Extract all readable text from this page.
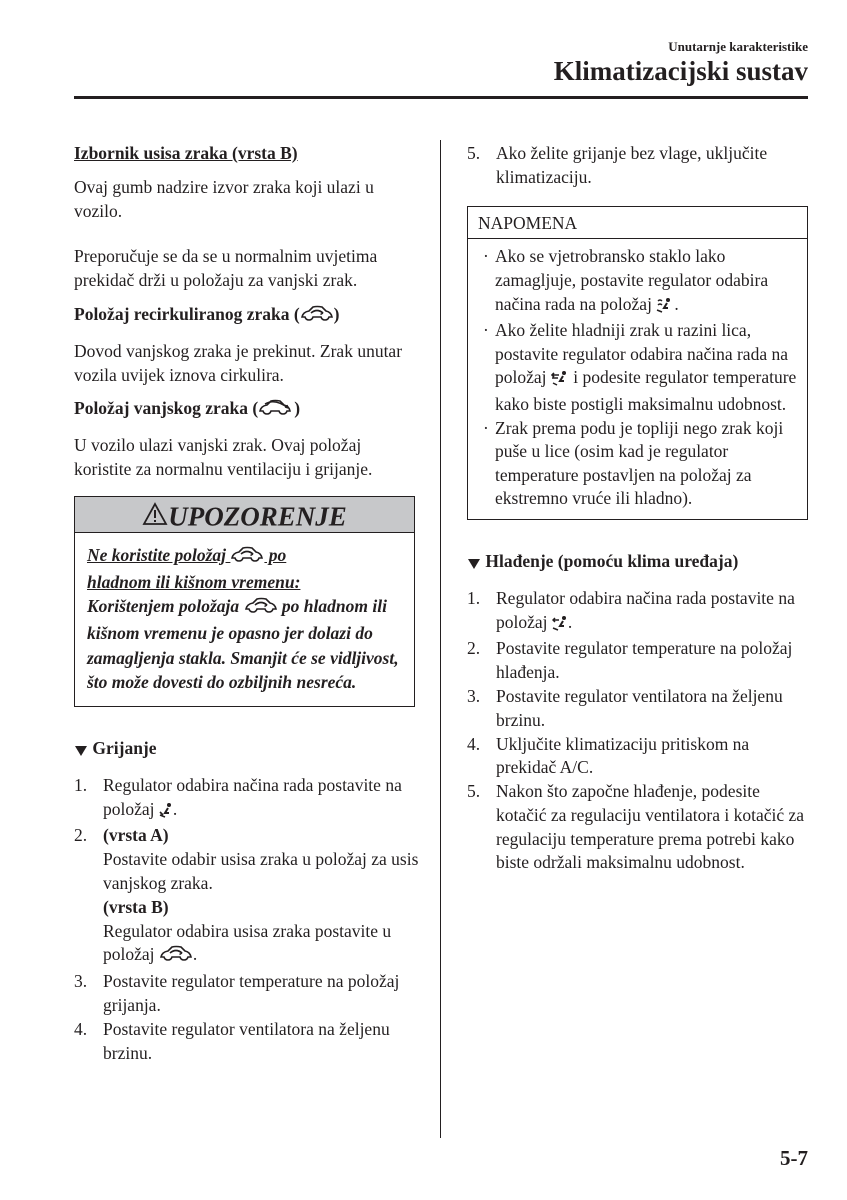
Unutarnje karakteristike
Klimatizacijski sustav

Izbornik usisa zraka (vrsta B)

Ovaj gumb nadzire izvor zraka koji ulazi u vozilo.

Preporučuje se da se u normalnim uvjetima prekidač drži u položaju za vanjski zrak.

Položaj recirkuliranog zraka ( )

Dovod vanjskog zraka je prekinut. Zrak unutar vozila uvijek iznova cirkulira.

Položaj vanjskog zraka ( )

U vozilo ulazi vanjski zrak. Ovaj položaj koristite za normalnu ventilaciju i grijanje.

UPOZORENJE
Ne koristite položaj  po
hladnom ili kišnom vremenu:
Korištenjem položaja  po hladnom ili kišnom vremenu je opasno jer dolazi do zamagljenja stakla. Smanjit će se vidljivost, što može dovesti do ozbiljnih nesreća.

Grijanje

1. Regulator odabira načina rada postavite na položaj .
2. (vrsta A)
Postavite odabir usisa zraka u položaj za usis vanjskog zraka.
(vrsta B)
Regulator odabira usisa zraka postavite u položaj .
3. Postavite regulator temperature na položaj grijanja.
4. Postavite regulator ventilatora na željenu brzinu.
5. Ako želite grijanje bez vlage, uključite klimatizaciju.
NAPOMENA
· Ako se vjetrobransko staklo lako zamagljuje, postavite regulator odabira načina rada na položaj .
· Ako želite hladniji zrak u razini lica, postavite regulator odabira načina rada na položaj  i podesite regulator temperature kako biste postigli maksimalnu udobnost.
· Zrak prema podu je topliji nego zrak koji puše u lice (osim kad je regulator temperature postavljen na položaj za ekstremno vruće ili hladno).

Hlađenje (pomoću klima uređaja)

1. Regulator odabira načina rada postavite na položaj .
2. Postavite regulator temperature na položaj hlađenja.
3. Postavite regulator ventilatora na željenu brzinu.
4. Uključite klimatizaciju pritiskom na prekidač A/C.
5. Nakon što započne hlađenje, podesite kotačić za regulaciju ventilatora i kotačić za regulaciju temperature prema potrebi kako biste održali maksimalnu udobnost.
5-7
